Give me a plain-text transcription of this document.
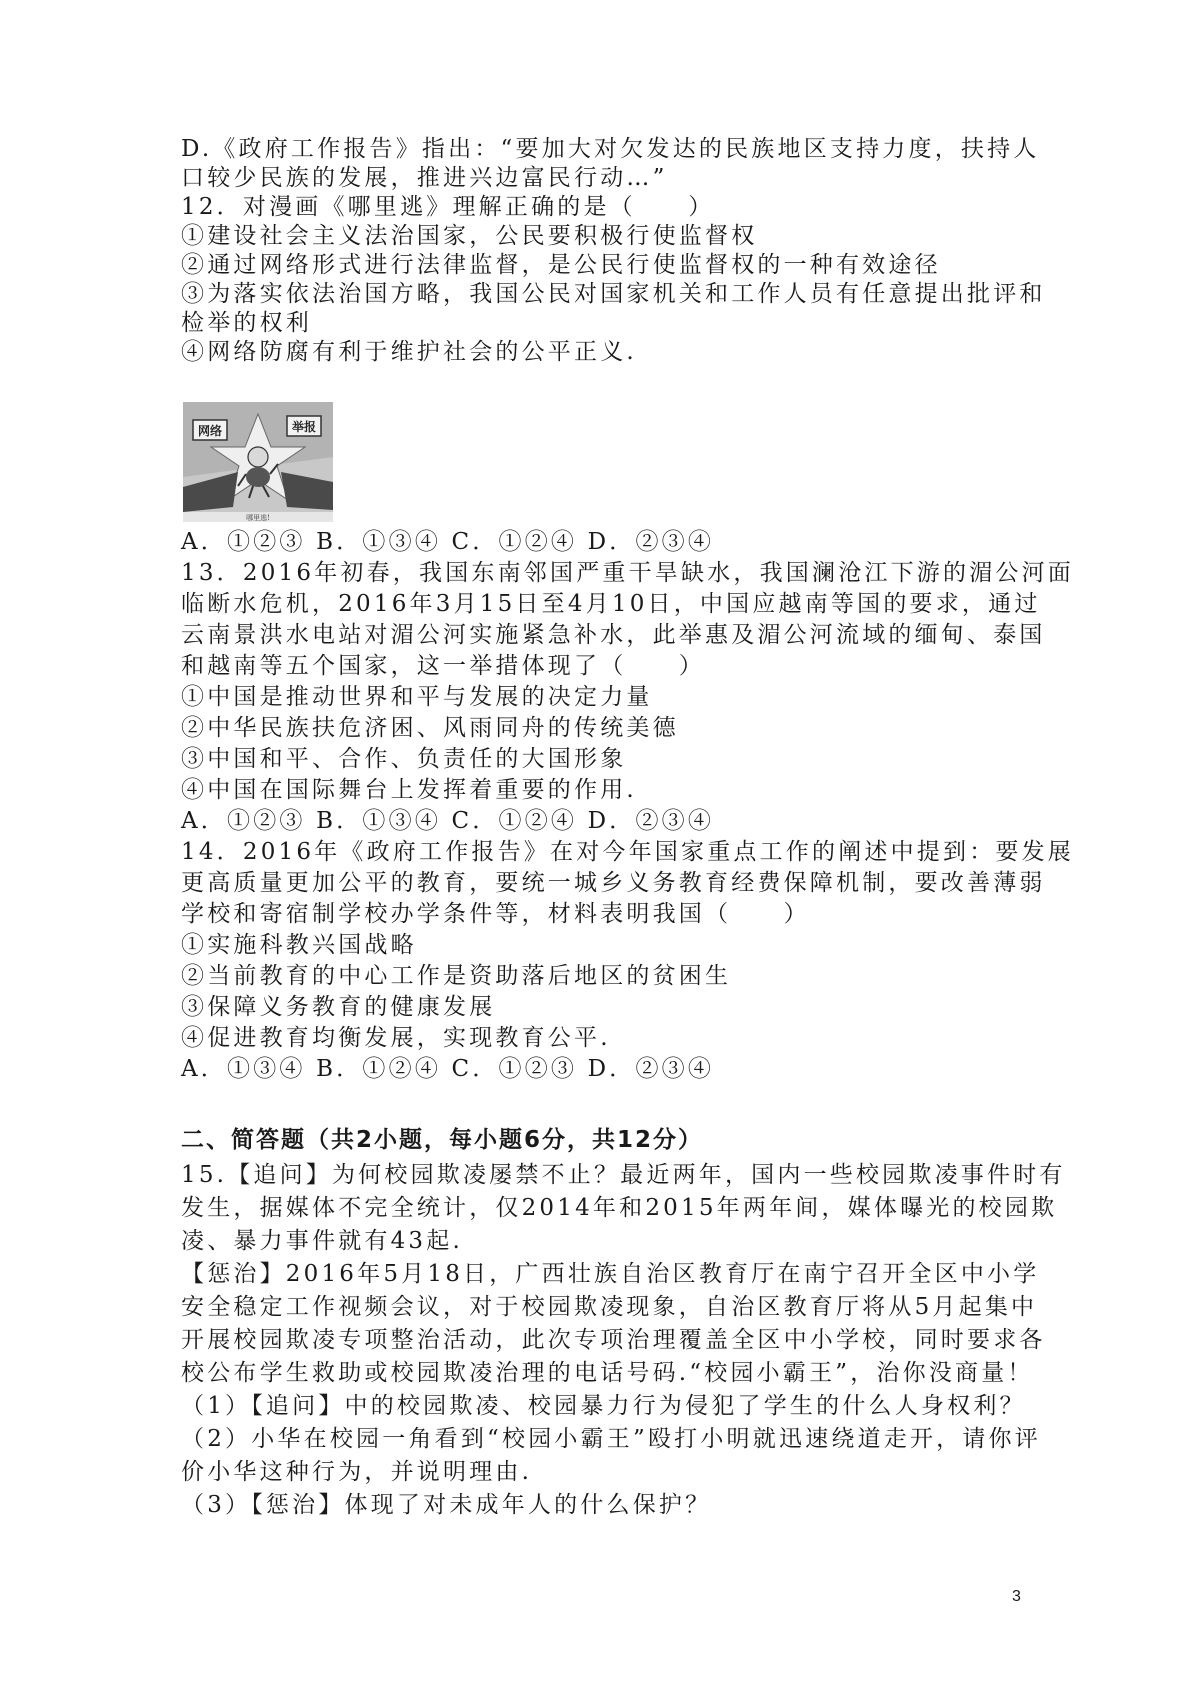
D.《政府工作报告》指出：“要加大对欠发达的民族地区支持力度，扶持人
口较少民族的发展，推进兴边富民行动…”
12．对漫画《哪里逃》理解正确的是（　　）
①建设社会主义法治国家，公民要积极行使监督权
②通过网络形式进行法律监督，是公民行使监督权的一种有效途径
③为落实依法治国方略，我国公民对国家机关和工作人员有任意提出批评和
检举的权利
④网络防腐有利于维护社会的公平正义.
网络	举报
哪里逃!
A．①②③ B．①③④ C．①②④ D．②③④
13．2016年初春，我国东南邻国严重干旱缺水，我国澜沧江下游的湄公河面
临断水危机，2016年3月15日至4月10日，中国应越南等国的要求，通过
云南景洪水电站对湄公河实施紧急补水，此举惠及湄公河流域的缅甸、泰国
和越南等五个国家，这一举措体现了（　　）
①中国是推动世界和平与发展的决定力量
②中华民族扶危济困、风雨同舟的传统美德
③中国和平、合作、负责任的大国形象
④中国在国际舞台上发挥着重要的作用.
A．①②③ B．①③④ C．①②④ D．②③④
14．2016年《政府工作报告》在对今年国家重点工作的阐述中提到：要发展
更高质量更加公平的教育，要统一城乡义务教育经费保障机制，要改善薄弱
学校和寄宿制学校办学条件等，材料表明我国（　　）
①实施科教兴国战略
②当前教育的中心工作是资助落后地区的贫困生
③保障义务教育的健康发展
④促进教育均衡发展，实现教育公平.
A．①③④ B．①②④ C．①②③ D．②③④
二、简答题（共2小题，每小题6分，共12分）
15.【追问】为何校园欺凌屡禁不止？最近两年，国内一些校园欺凌事件时有
发生，据媒体不完全统计，仅2014年和2015年两年间，媒体曝光的校园欺
凌、暴力事件就有43起.
【惩治】2016年5月18日，广西壮族自治区教育厅在南宁召开全区中小学
安全稳定工作视频会议，对于校园欺凌现象，自治区教育厅将从5月起集中
开展校园欺凌专项整治活动，此次专项治理覆盖全区中小学校，同时要求各
校公布学生救助或校园欺凌治理的电话号码.“校园小霸王”，治你没商量！
（1）【追问】中的校园欺凌、校园暴力行为侵犯了学生的什么人身权利？
（2）小华在校园一角看到“校园小霸王”殴打小明就迅速绕道走开，请你评
价小华这种行为，并说明理由.
（3）【惩治】体现了对未成年人的什么保护？
3
